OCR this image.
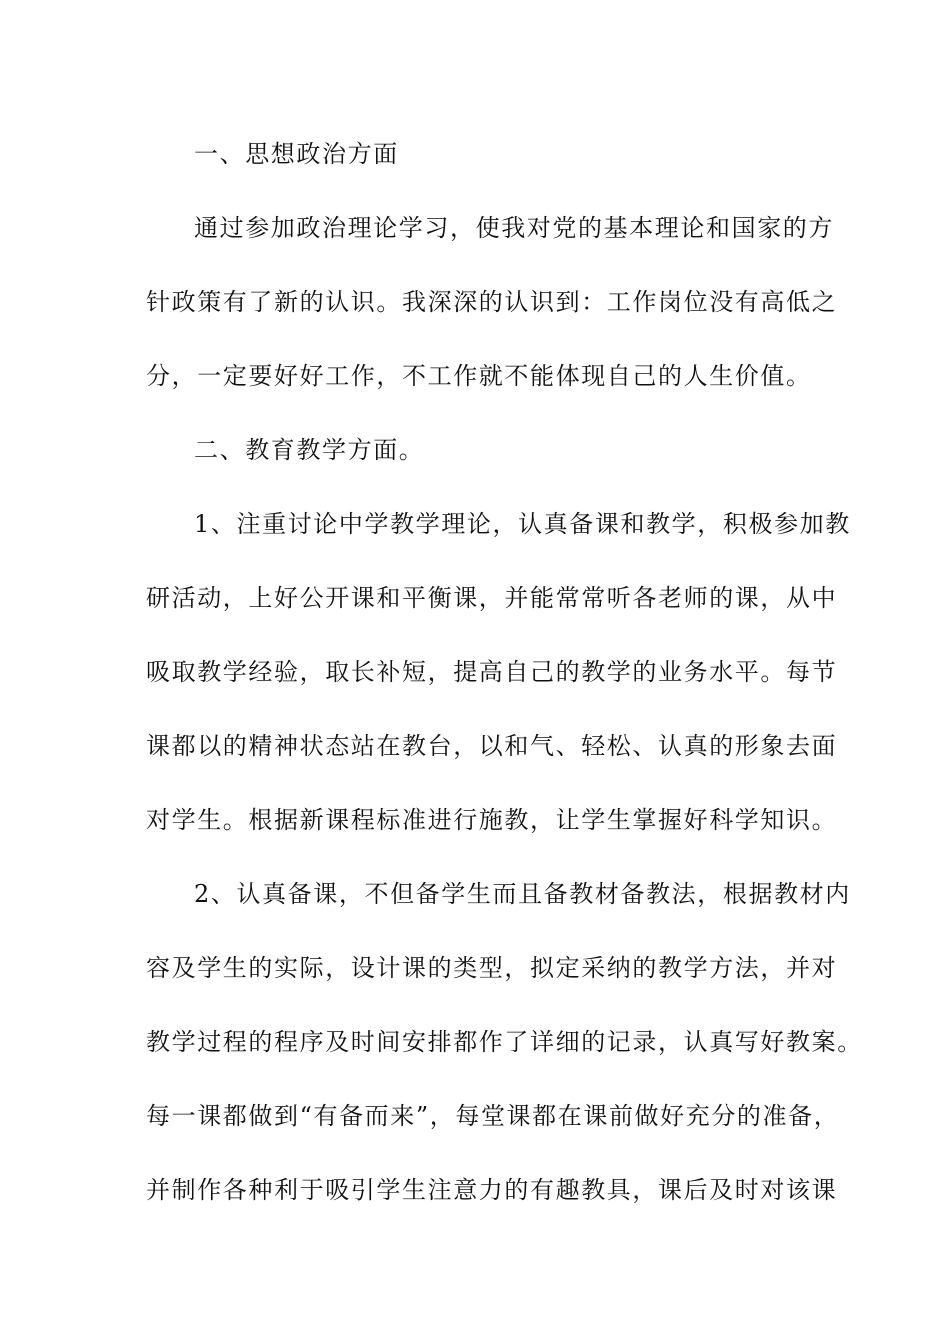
一、思想政治方面
通过参加政治理论学习，使我对党的基本理论和国家的方
针政策有了新的认识。我深深的认识到：工作岗位没有高低之
分，一定要好好工作，不工作就不能体现自己的人生价值。
二、教育教学方面。
1、注重讨论中学教学理论，认真备课和教学，积极参加教
研活动，上好公开课和平衡课，并能常常听各老师的课，从中
吸取教学经验，取长补短，提高自己的教学的业务水平。每节
课都以的精神状态站在教台，以和气、轻松、认真的形象去面
对学生。根据新课程标准进行施教，让学生掌握好科学知识。
2、认真备课，不但备学生而且备教材备教法，根据教材内
容及学生的实际，设计课的类型，拟定采纳的教学方法，并对
教学过程的程序及时间安排都作了详细的记录，认真写好教案。
每一课都做到“有备而来”，每堂课都在课前做好充分的准备，
并制作各种利于吸引学生注意力的有趣教具，课后及时对该课
